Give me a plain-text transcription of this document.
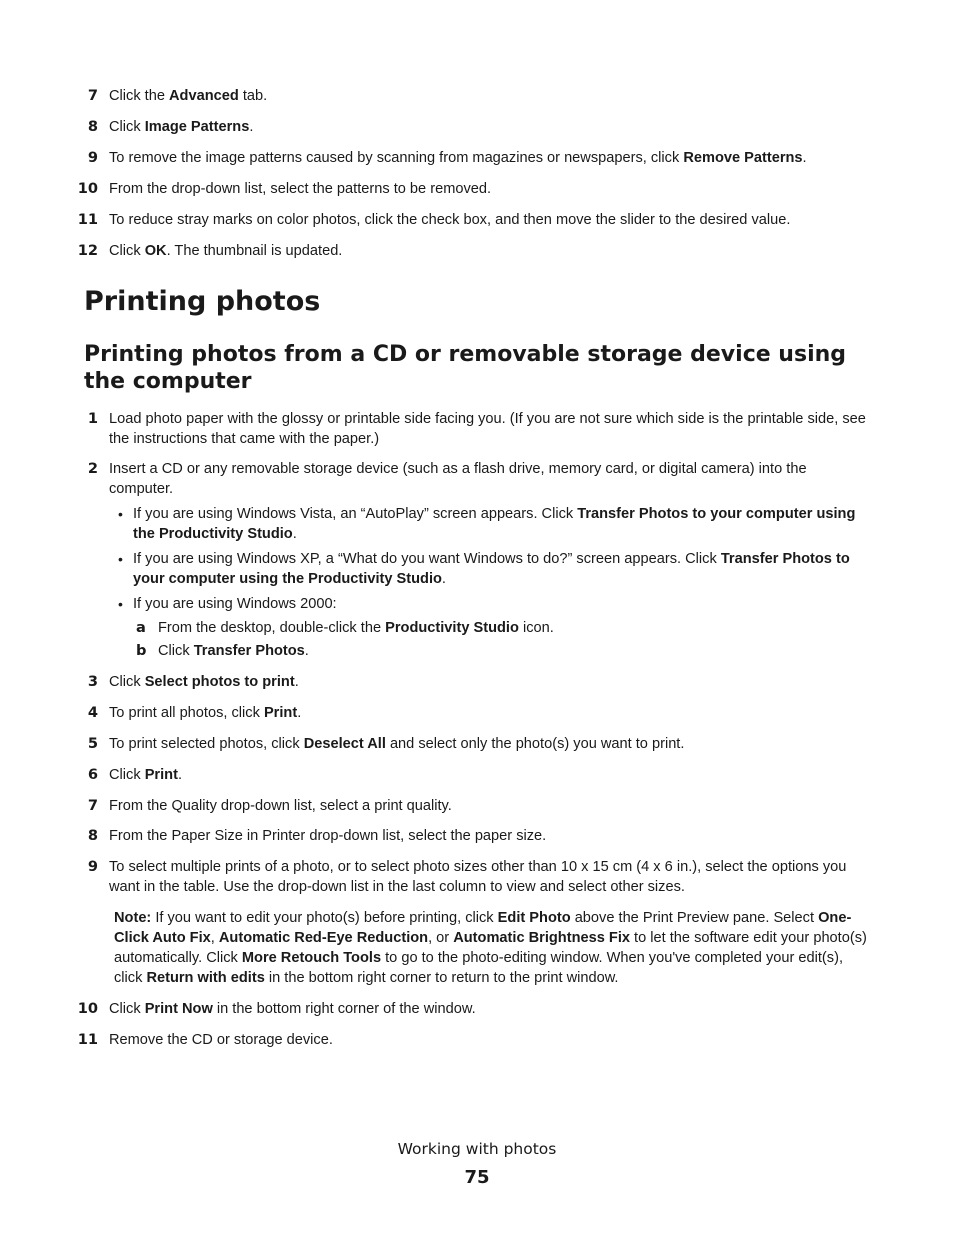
7 Click the Advanced tab.
8 Click Image Patterns.
9 To remove the image patterns caused by scanning from magazines or newspapers, click Remove Patterns.
10 From the drop-down list, select the patterns to be removed.
11 To reduce stray marks on color photos, click the check box, and then move the slider to the desired value.
12 Click OK. The thumbnail is updated.
Printing photos
Printing photos from a CD or removable storage device using the computer
1 Load photo paper with the glossy or printable side facing you. (If you are not sure which side is the printable side, see the instructions that came with the paper.)
2 Insert a CD or any removable storage device (such as a flash drive, memory card, or digital camera) into the computer.
• If you are using Windows Vista, an “AutoPlay” screen appears. Click Transfer Photos to your computer using the Productivity Studio.
• If you are using Windows XP, a “What do you want Windows to do?” screen appears. Click Transfer Photos to your computer using the Productivity Studio.
• If you are using Windows 2000:
a From the desktop, double-click the Productivity Studio icon.
b Click Transfer Photos.
3 Click Select photos to print.
4 To print all photos, click Print.
5 To print selected photos, click Deselect All and select only the photo(s) you want to print.
6 Click Print.
7 From the Quality drop-down list, select a print quality.
8 From the Paper Size in Printer drop-down list, select the paper size.
9 To select multiple prints of a photo, or to select photo sizes other than 10 x 15 cm (4 x 6 in.), select the options you want in the table. Use the drop-down list in the last column to view and select other sizes.
Note: If you want to edit your photo(s) before printing, click Edit Photo above the Print Preview pane. Select One-Click Auto Fix, Automatic Red-Eye Reduction, or Automatic Brightness Fix to let the software edit your photo(s) automatically. Click More Retouch Tools to go to the photo-editing window. When you've completed your edit(s), click Return with edits in the bottom right corner to return to the print window.
10 Click Print Now in the bottom right corner of the window.
11 Remove the CD or storage device.
Working with photos
75
